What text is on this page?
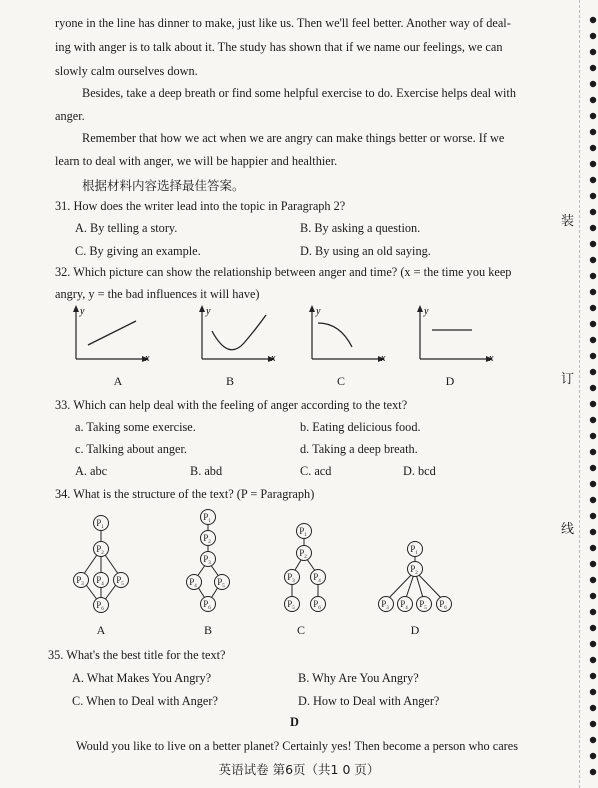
ryone in the line has dinner to make, just like us. Then we'll feel better. Another way of deal-
ing with anger is to talk about it. The study has shown that if we name our feelings, we can
slowly calm ourselves down.
Besides, take a deep breath or find some helpful exercise to do. Exercise helps deal with
anger.
Remember that how we act when we are angry can make things better or worse. If we
learn to deal with anger, we will be happier and healthier.
根据材料内容选择最佳答案。
31. How does the writer lead into the topic in Paragraph 2?
A. By telling a story.	B. By asking a question.
C. By giving an example.	D. By using an old saying.
32. Which picture can show the relationship between anger and time? (x = the time you keep
angry, y = the bad influences it will have)
y
x
y
x
y
x
y
x
A	B	C	D
33. Which can help deal with the feeling of anger according to the text?
a. Taking some exercise.	b. Eating delicious food.
c. Talking about anger.	d. Taking a deep breath.
A. abc	B. abd	C. acd	D. bcd
34. What is the structure of the text? (P = Paragraph)
$P_1$
$P_2$
$P_3$ $P_4$ $P_5$
$P_6$
$P_1$
$P_2$
$P_3$
$P_4$ $P_5$
$P_6$
$P_1$
$P_2$
$P_3$ $P_4$
$P_5$ $P_6$
$P_1$
$P_2$
$P_3$ $P_4$ $P_5$ $P_6$
A	B	C	D
35. What's the best title for the text?
A. What Makes You Angry?	B. Why Are You Angry?
C. When to Deal with Anger?	D. How to Deal with Anger?
D
Would you like to live on a better planet? Certainly yes! Then become a person who cares
英语试卷 第6页（共1 0 页）
装
订
线
